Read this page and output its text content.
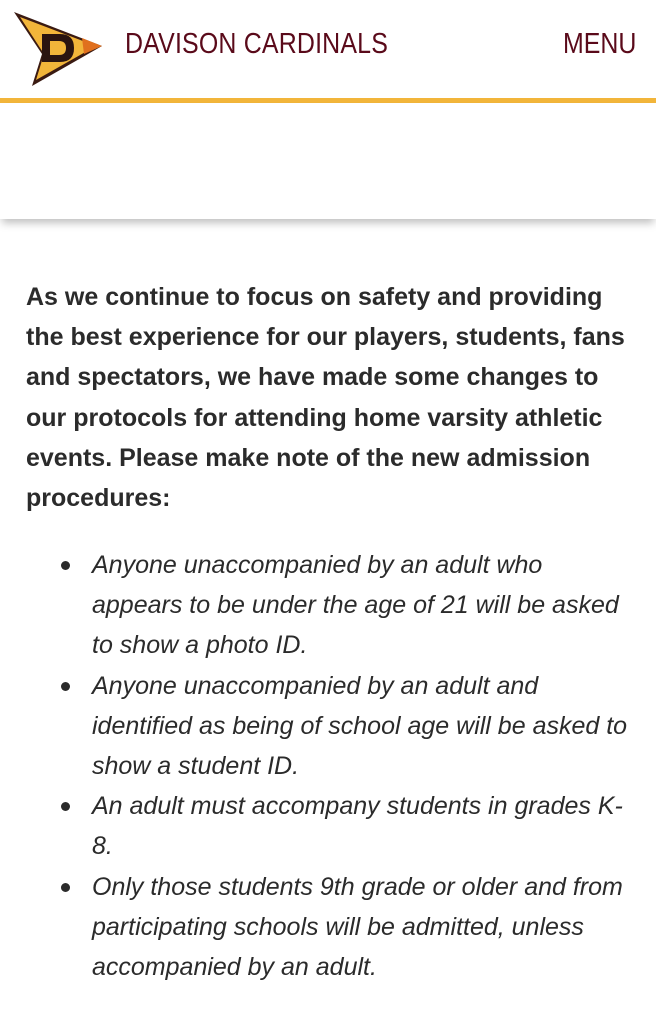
DAVISON CARDINALS	MENU

As we continue to focus on safety and providing the best experience for our players, students, fans and spectators, we have made some changes to our protocols for attending home varsity athletic events. Please make note of the new admission procedures:

Anyone unaccompanied by an adult who appears to be under the age of 21 will be asked to show a photo ID.
Anyone unaccompanied by an adult and identified as being of school age will be asked to show a student ID.
An adult must accompany students in grades K-8.
Only those students 9th grade or older and from participating schools will be admitted, unless accompanied by an adult.
